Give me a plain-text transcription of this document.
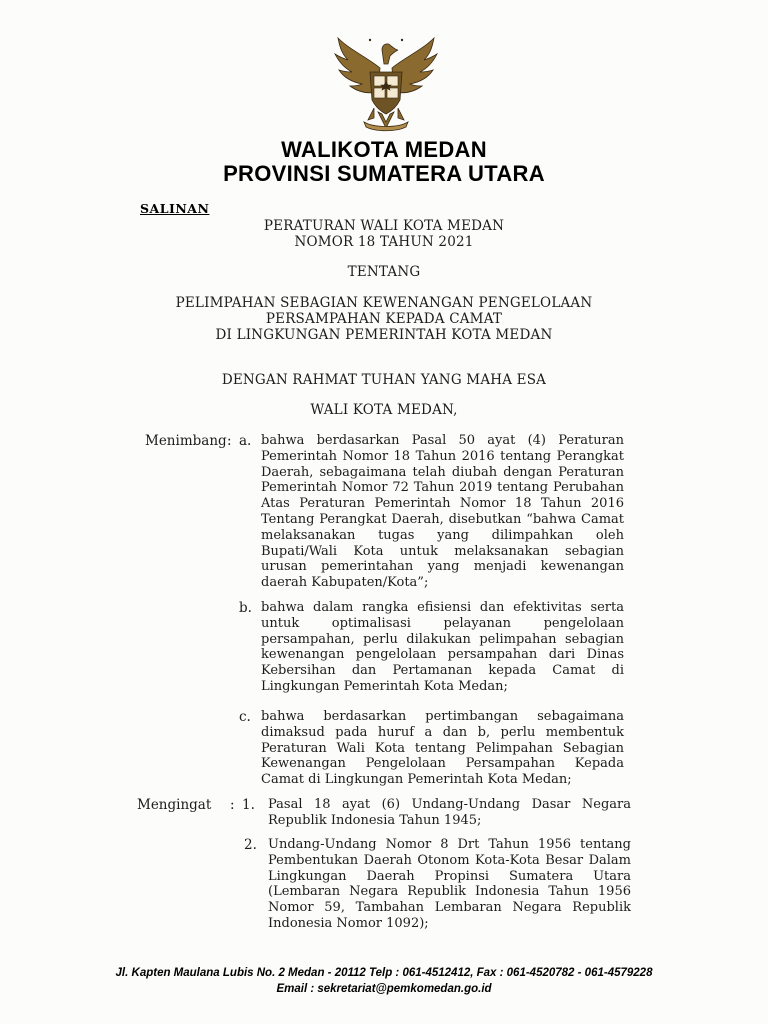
WALIKOTA MEDAN
PROVINSI SUMATERA UTARA
SALINAN
PERATURAN WALI KOTA MEDAN
NOMOR 18 TAHUN 2021
TENTANG
PELIMPAHAN SEBAGIAN KEWENANGAN PENGELOLAAN
PERSAMPAHAN KEPADA CAMAT
DI LINGKUNGAN PEMERINTAH KOTA MEDAN
DENGAN RAHMAT TUHAN YANG MAHA ESA
WALI KOTA MEDAN,
Menimbang : a. bahwa berdasarkan Pasal 50 ayat (4) Peraturan Pemerintah Nomor 18 Tahun 2016 tentang Perangkat Daerah, sebagaimana telah diubah dengan Peraturan Pemerintah Nomor 72 Tahun 2019 tentang Perubahan Atas Peraturan Pemerintah Nomor 18 Tahun 2016 Tentang Perangkat Daerah, disebutkan “bahwa Camat melaksanakan tugas yang dilimpahkan oleh Bupati/Wali Kota untuk melaksanakan sebagian urusan pemerintahan yang menjadi kewenangan daerah Kabupaten/Kota”;
b. bahwa dalam rangka efisiensi dan efektivitas serta untuk optimalisasi pelayanan pengelolaan persampahan, perlu dilakukan pelimpahan sebagian kewenangan pengelolaan persampahan dari Dinas Kebersihan dan Pertamanan kepada Camat di Lingkungan Pemerintah Kota Medan;
c. bahwa berdasarkan pertimbangan sebagaimana dimaksud pada huruf a dan b, perlu membentuk Peraturan Wali Kota tentang Pelimpahan Sebagian Kewenangan Pengelolaan Persampahan Kepada Camat di Lingkungan Pemerintah Kota Medan;
Mengingat : 1. Pasal 18 ayat (6) Undang-Undang Dasar Negara Republik Indonesia Tahun 1945;
2. Undang-Undang Nomor 8 Drt Tahun 1956 tentang Pembentukan Daerah Otonom Kota-Kota Besar Dalam Lingkungan Daerah Propinsi Sumatera Utara (Lembaran Negara Republik Indonesia Tahun 1956 Nomor 59, Tambahan Lembaran Negara Republik Indonesia Nomor 1092);
Jl. Kapten Maulana Lubis No. 2 Medan - 20112 Telp : 061-4512412, Fax : 061-4520782 - 061-4579228
Email : sekretariat@pemkomedan.go.id
